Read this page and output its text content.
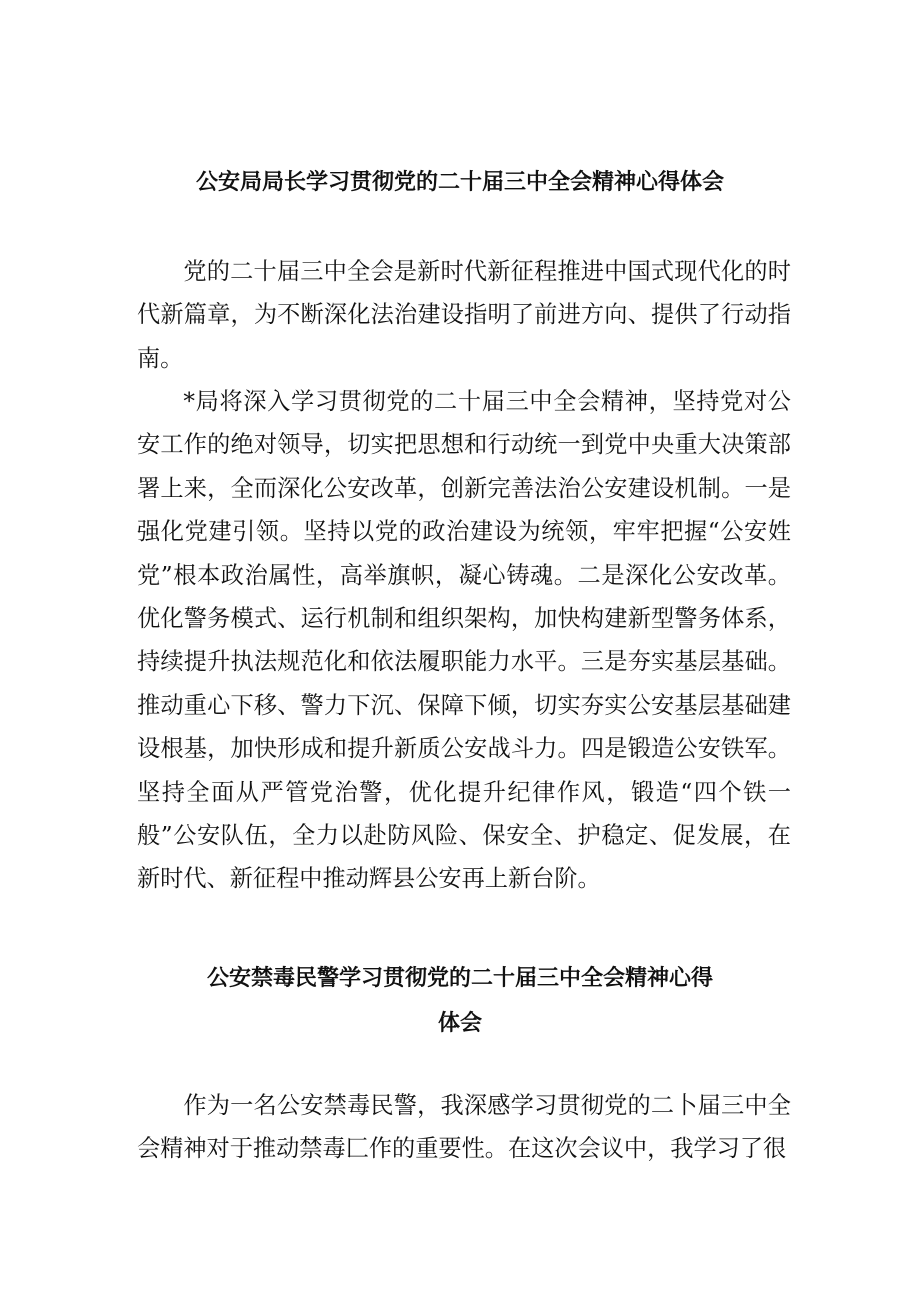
公安局局长学习贯彻党的二十届三中全会精神心得体会

党的二十届三中全会是新时代新征程推进中国式现代化的时代新篇章，为不断深化法治建设指明了前进方向、提供了行动指南。

*局将深入学习贯彻党的二十届三中全会精神，坚持党对公安工作的绝对领导，切实把思想和行动统一到党中央重大决策部署上来，全而深化公安改革，创新完善法治公安建设机制。一是强化党建引领。坚持以党的政治建设为统领，牢牢把握“公安姓党”根本政治属性，高举旗帜，凝心铸魂。二是深化公安改革。优化警务模式、运行机制和组织架构，加快构建新型警务体系，持续提升执法规范化和依法履职能力水平。三是夯实基层基础。推动重心下移、警力下沉、保障下倾，切实夯实公安基层基础建设根基，加快形成和提升新质公安战斗力。四是锻造公安铁军。坚持全面从严管党治警，优化提升纪律作风，锻造“四个铁一般”公安队伍，全力以赴防风险、保安全、护稳定、促发展，在新时代、新征程中推动辉县公安再上新台阶。

公安禁毒民警学习贯彻党的二十届三中全会精神心得
体会

作为一名公安禁毒民警，我深感学习贯彻党的二卜届三中全会精神对于推动禁毒匚作的重要性。在这次会议中，我学习了很
